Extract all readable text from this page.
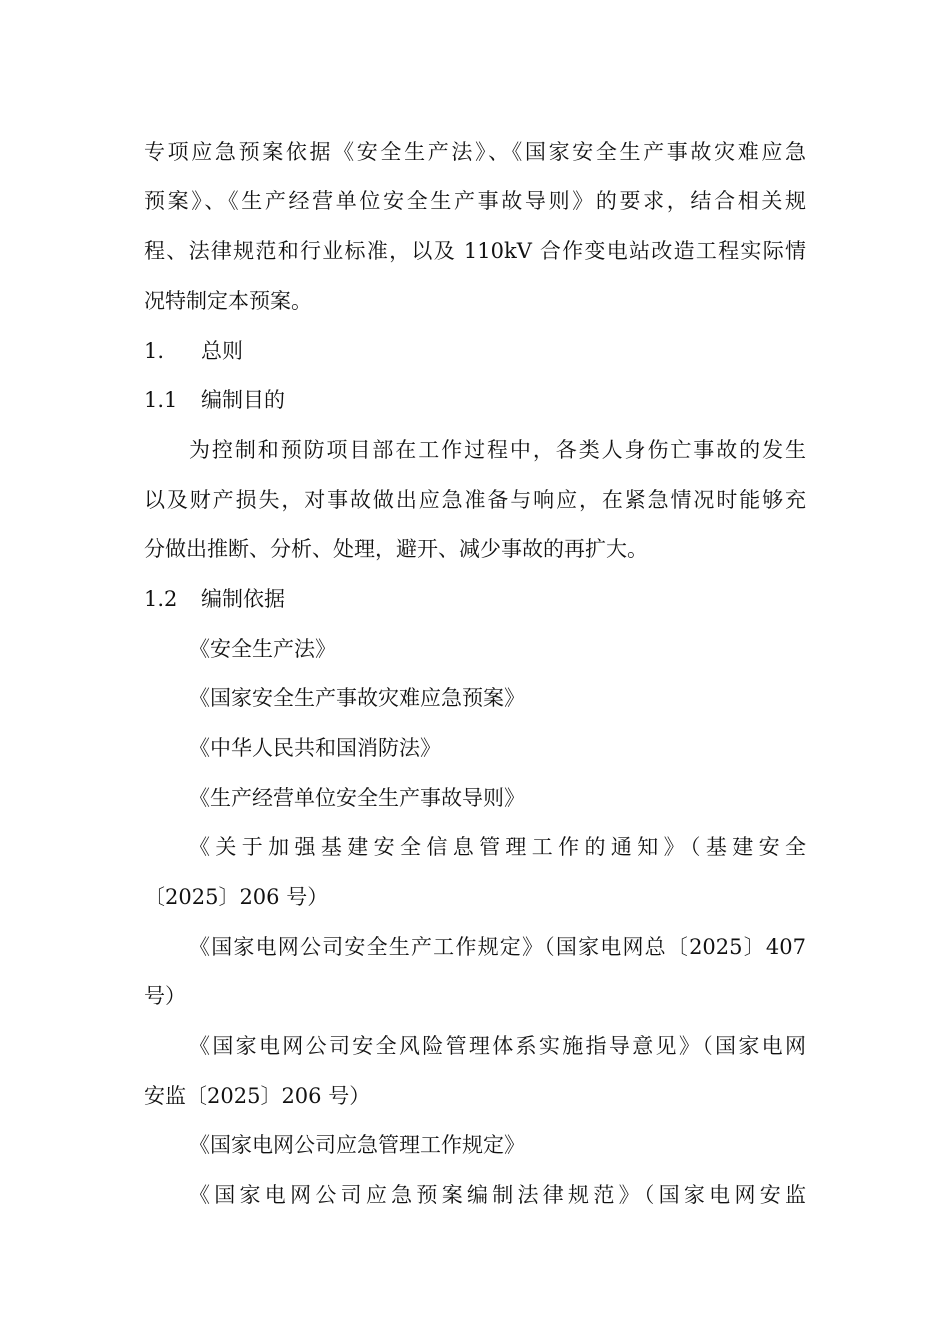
专项应急预案依据《安全生产法》、《国家安全生产事故灾难应急
预案》、《生产经营单位安全生产事故导则》的要求，结合相关规
程、法律规范和行业标准，以及 110kV 合作变电站改造工程实际情
况特制定本预案。
1. 总则
1.1 编制目的
为控制和预防项目部在工作过程中，各类人身伤亡事故的发生
以及财产损失，对事故做出应急准备与响应，在紧急情况时能够充
分做出推断、分析、处理，避开、减少事故的再扩大。
1.2 编制依据
《安全生产法》
《国家安全生产事故灾难应急预案》
《中华人民共和国消防法》
《生产经营单位安全生产事故导则》
《关于加强基建安全信息管理工作的通知》（基建安全
〔2025〕206 号）
《国家电网公司安全生产工作规定》（国家电网总〔2025〕407
号）
《国家电网公司安全风险管理体系实施指导意见》（国家电网
安监〔2025〕206 号）
《国家电网公司应急管理工作规定》
《国家电网公司应急预案编制法律规范》（国家电网安监
